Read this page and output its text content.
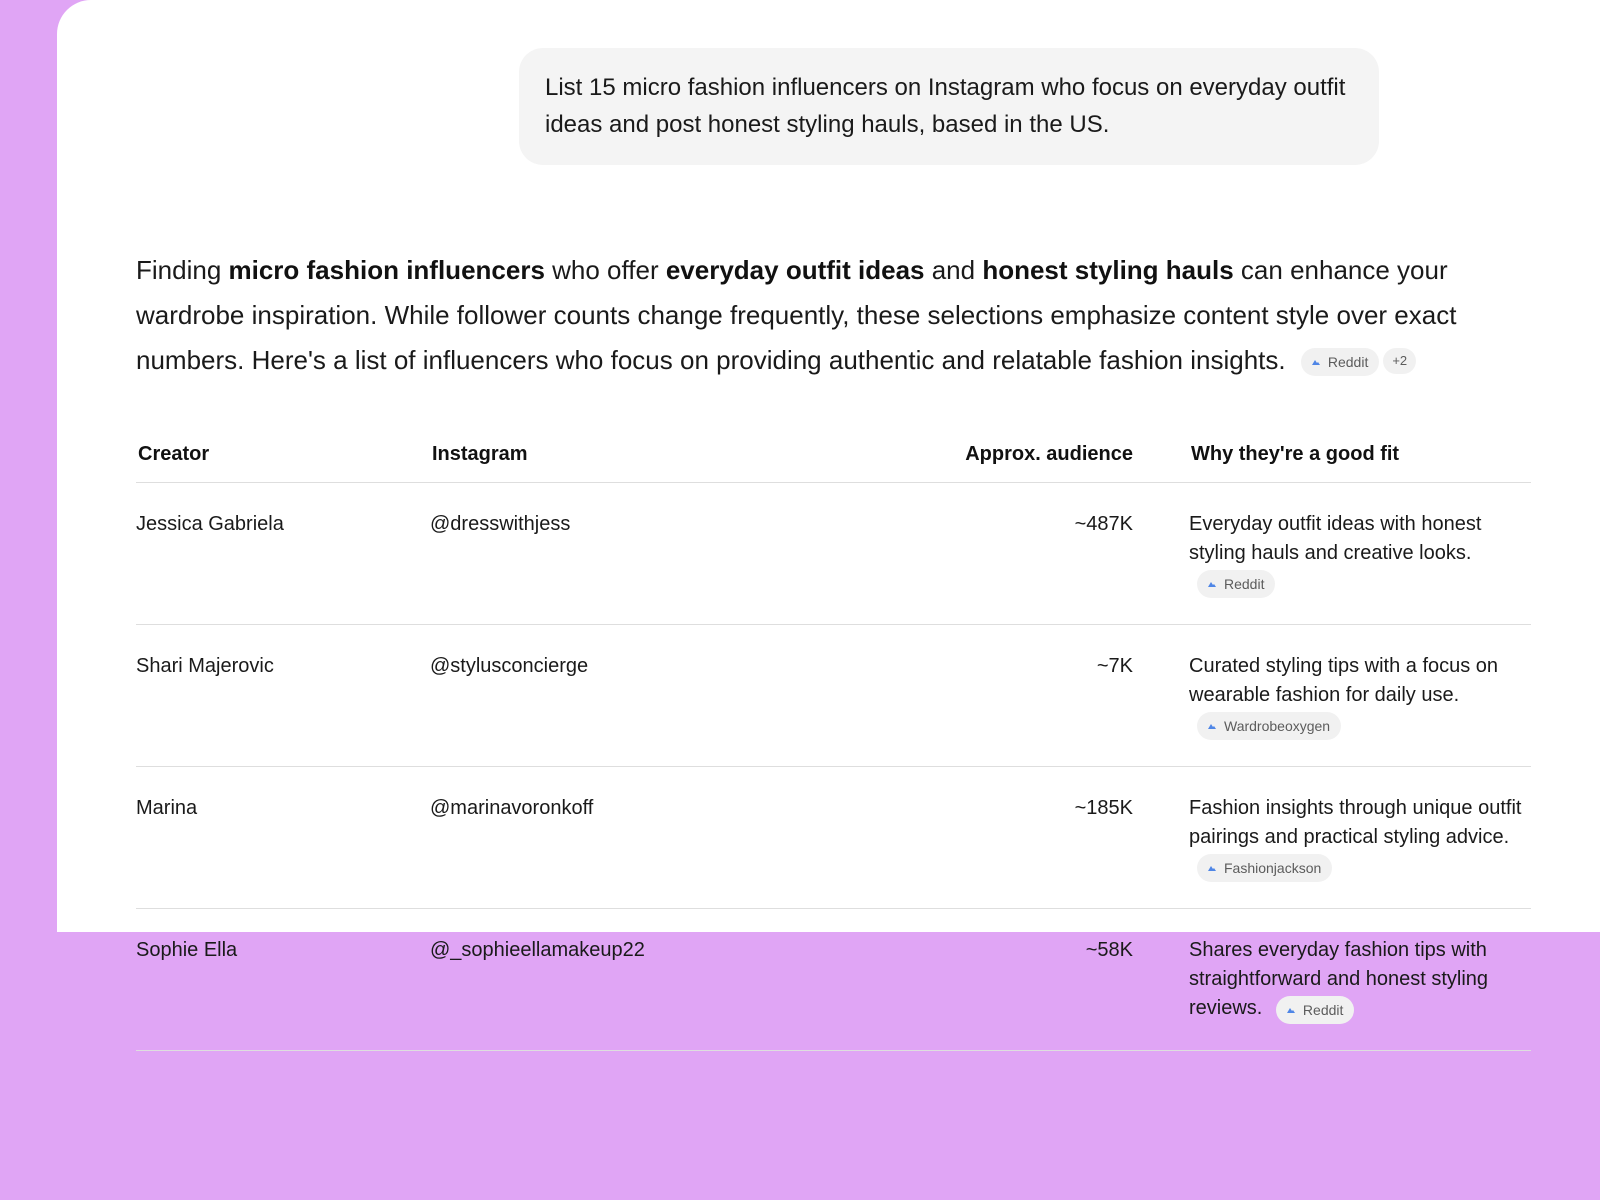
List 15 micro fashion influencers on Instagram who focus on everyday outfit ideas and post honest styling hauls, based in the US.
Finding micro fashion influencers who offer everyday outfit ideas and honest styling hauls can enhance your wardrobe inspiration. While follower counts change frequently, these selections emphasize content style over exact numbers. Here's a list of influencers who focus on providing authentic and relatable fashion insights.	Reddit +2
Creator	Instagram	Approx. audience	Why they're a good fit
Jessica Gabriela	@dresswithjess	~487K	Everyday outfit ideas with honest styling hauls and creative looks.
Reddit

Shari Majerovic	@stylusconcierge	~7K	Curated styling tips with a focus on wearable fashion for daily use.
Wardrobeoxygen

Marina	@marinavoronkoff	~185K	Fashion insights through unique outfit pairings and practical styling advice.
Fashionjackson

Sophie Ella	@_sophieellamakeup22	~58K	Shares everyday fashion tips with straightforward and honest styling reviews. Reddit
